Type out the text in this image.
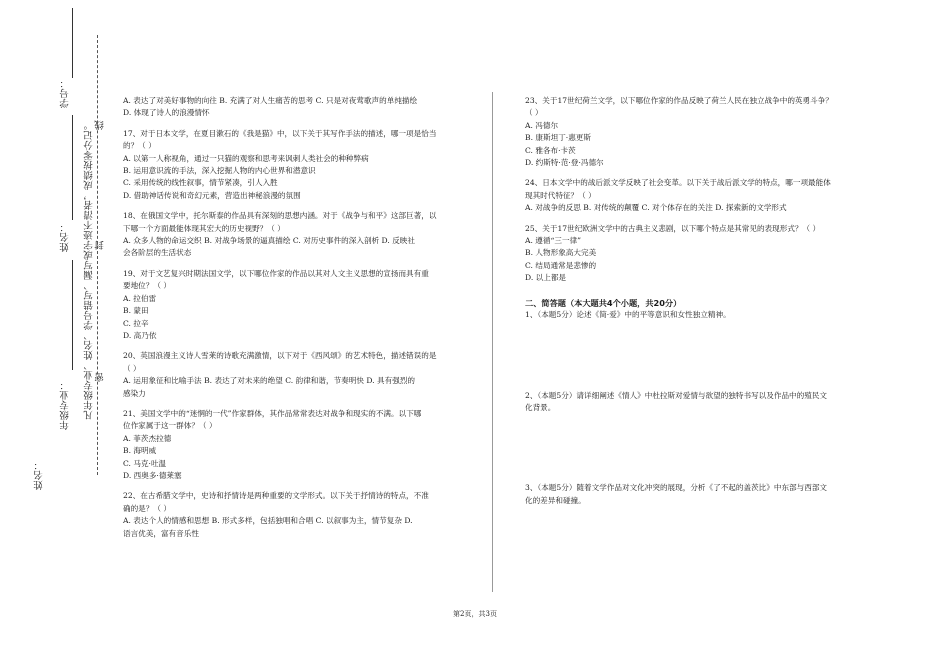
学号：
姓名：
年级专业：
姓名：
凡年级专业、姓名、学号错写、漏写或字迹不清者，成绩按零分记。 线
封
密

A. 表达了对美好事物的向往 B. 充满了对人生痛苦的思考 C. 只是对夜莺歌声的单纯描绘

D. 体现了诗人的浪漫情怀

17、对于日本文学，在夏目漱石的《我是猫》中，以下关于其写作手法的描述，哪一项是恰当

的？（ ）

A. 以第一人称视角，通过一只猫的观察和思考来讽刺人类社会的种种弊病

B. 运用意识流的手法，深入挖掘人物的内心世界和潜意识

C. 采用传统的线性叙事，情节紧凑，引人入胜

D. 借助神话传说和奇幻元素，营造出神秘浪漫的氛围

18、在俄国文学中，托尔斯泰的作品具有深刻的思想内涵。对于《战争与和平》这部巨著，以

下哪一个方面最能体现其宏大的历史视野？（ ）

A. 众多人物的命运交织 B. 对战争场景的逼真描绘 C. 对历史事件的深入剖析 D. 反映社

会各阶层的生活状态

19、对于文艺复兴时期法国文学，以下哪位作家的作品以其对人文主义思想的宣扬而具有重

要地位？（ ）

A. 拉伯雷

B. 蒙田

C. 拉辛

D. 高乃依

20、英国浪漫主义诗人雪莱的诗歌充满激情，以下对于《西风颂》的艺术特色，描述错误的是

（ ）

A. 运用象征和比喻手法 B. 表达了对未来的绝望 C. 韵律和谐，节奏明快 D. 具有强烈的

感染力

21、美国文学中的“迷惘的一代”作家群体，其作品常常表达对战争和现实的不满。以下哪

位作家属于这一群体？（ ）

A. 菲茨杰拉德

B. 海明威

C. 马克·吐温

D. 西奥多·德莱塞

22、在古希腊文学中，史诗和抒情诗是两种重要的文学形式。以下关于抒情诗的特点，不准

确的是？（ ）

A. 表达个人的情感和思想 B. 形式多样，包括独唱和合唱 C. 以叙事为主，情节复杂 D.

语言优美，富有音乐性

23、关于17世纪荷兰文学，以下哪位作家的作品反映了荷兰人民在独立战争中的英勇斗争？

（ ）

A. 冯德尔

B. 康斯坦丁·惠更斯

C. 雅各布·卡茨

D. 约斯特·范·登·冯德尔

24、日本文学中的战后派文学反映了社会变革。以下关于战后派文学的特点，哪一项最能体

现其时代特征？（ ）

A. 对战争的反思 B. 对传统的颠覆 C. 对个体存在的关注 D. 探索新的文学形式

25、关于17世纪欧洲文学中的古典主义悲剧，以下哪个特点是其常见的表现形式？（ ）

A. 遵循“三一律”

B. 人物形象高大完美

C. 结局通常是悲惨的

D. 以上都是

二、简答题（本大题共4个小题，共20分）

1、（本题5分）论述《简·爱》中的平等意识和女性独立精神。

2、（本题5分）请详细阐述《情人》中杜拉斯对爱情与欲望的独特书写以及作品中的殖民文

化背景。

3、（本题5分）随着文学作品对文化冲突的展现，分析《了不起的盖茨比》中东部与西部文

化的差异和碰撞。

第2页，共3页
